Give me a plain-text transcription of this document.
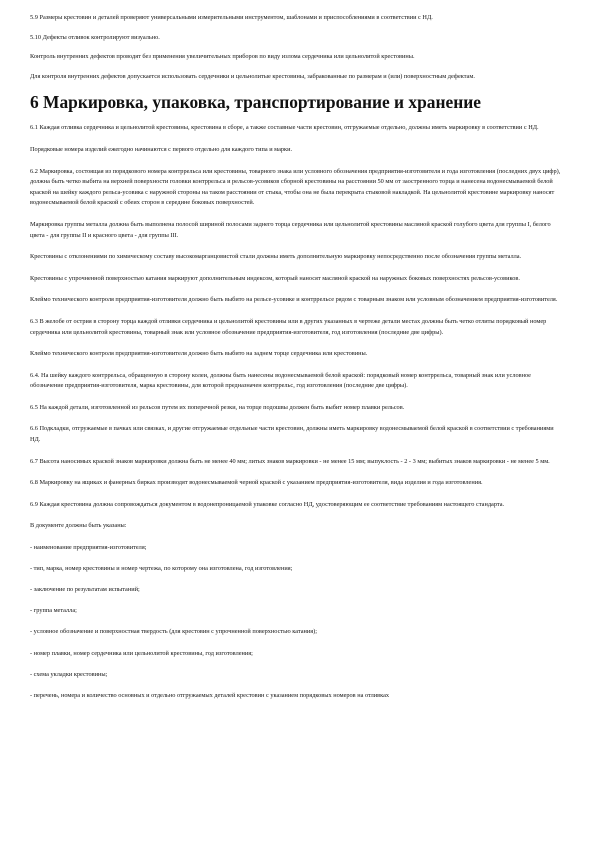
5.9 Размеры крестовин и деталей проверяют универсальными измерительными инструментом, шаблонами и приспособлениями в соответствии с НД.

5.10 Дефекты отливок контролируют визуально.

Контроль внутренних дефектов проводят без применения увеличительных приборов по виду излома сердечника или цельнолитой крестовины.

Для контроля внутренних дефектов допускается использовать сердечники и цельнолитые крестовины, забракованные по размерам и (или) поверхностным дефектам.

6 Маркировка, упаковка, транспортирование и хранение

6.1 Каждая отливка сердечника и цельнолитой крестовины, крестовина в сборе, а также составные части крестовин, отгружаемые отдельно, должны иметь маркировку в соответствии с НД.

Порядковые номера изделий ежегодно начинаются с первого отдельно для каждого типа и марки.

6.2 Маркировка, состоящая из порядкового номера контррельса или крестовины, товарного знака или условного обозначения предприятия-изготовителя и года изготовления (последних двух цифр), должна быть четко выбита на верхней поверхности головки контррельса и рельсов-усовиков сборной крестовины на расстоянии 50 мм от заостренного торца и нанесена водонесмываемой белой краской на шейку каждого рельса-усовика с наружной стороны на таком расстоянии от стыка, чтобы она не была перекрыта стыковой накладкой. На цельнолитой крестовине маркировку наносят водонесмываемой белой краской с обеих сторон в середине боковых поверхностей.

Маркировка группы металла должна быть выполнена полосой шириной полосами заднего торца сердечника или цельнолитой крестовины масляной краской голубого цвета для группы I, белого цвета - для группы II и красного цвета - для группы III.

Крестовины с отклонениями по химическому составу высокомарганцовистой стали должны иметь дополнительную маркировку непосредственно после обозначения группы металла.

Крестовины с упрочненной поверхностью катания маркируют дополнительным индексом, который наносят масляной краской на наружных боковых поверхностях рельсов-усовиков.

Клеймо технического контроля предприятия-изготовителя должно быть выбито на рельсе-усовике и контррельсе рядом с товарным знаком или условным обозначением предприятия-изготовителя.

6.3 В желобе от острия в сторону торца каждой отливки сердечника и цельнолитой крестовины или в других указанных в чертеже детали местах должны быть четко отлиты порядковый номер сердечника или цельнолитой крестовины, товарный знак или условное обозначение предприятия-изготовителя, год изготовления (последние две цифры).

Клеймо технического контроля предприятия-изготовителя должно быть выбито на заднем торце сердечника или крестовины.

6.4. На шейку каждого контррельса, обращенную в сторону колеи, должны быть нанесены водонесмываемой белой краской: порядковый номер контррельса, товарный знак или условное обозначение предприятия-изготовителя, марка крестовины, для которой предназначен контррельс, год изготовления (последние две цифры).

6.5 На каждой детали, изготовленной из рельсов путем их поперечной резки, на торце подошвы должен быть выбит номер плавки рельсов.

6.6 Подкладки, отгружаемые в пачках или связках, и другие отгружаемые отдельные части крестовин, должны иметь маркировку водонесмываемой белой краской в соответствии с требованиями НД.

6.7 Высота наносимых краской знаков маркировки должна быть не менее 40 мм; литых знаков маркировки - не менее 15 мм; выпуклость - 2 - 3 мм; выбитых знаков маркировки - не менее 5 мм.

6.8 Маркировку на ящиках и фанерных бирках производят водонесмываемой черной краской с указанием предприятия-изготовителя, вида изделия и года изготовления.

6.9 Каждая крестовина должна сопровождаться документом в водонепроницаемой упаковке согласно НД, удостоверяющим ее соответствие требованиям настоящего стандарта.

В документе должны быть указаны:

- наименование предприятия-изготовителя;

- тип, марка, номер крестовины и номер чертежа, по которому она изготовлена, год изготовления;

- заключение по результатам испытаний;

- группа металла;

- условное обозначение и поверхностная твердость (для крестовин с упрочненной поверхностью катания);

- номер плавки, номер сердечника или цельнолитой крестовины, год изготовления;

- схема укладки крестовины;

- перечень, номера и количество основных и отдельно отгружаемых деталей крестовин с указанием порядковых номеров на отливках
